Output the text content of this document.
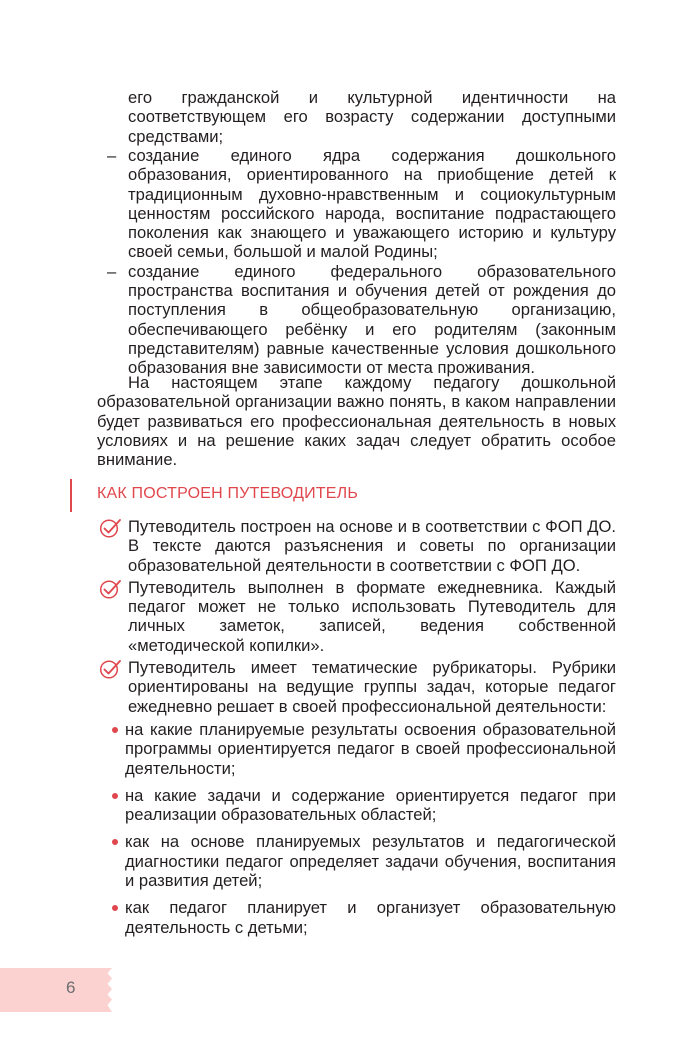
его гражданской и культурной идентичности на соответствующем его возрасту содержании доступными средствами;

– создание единого ядра содержания дошкольного образования, ориентированного на приобщение детей к традиционным духовно-нравственным и социокультурным ценностям российского народа, воспитание подрастающего поколения как знающего и уважающего историю и культуру своей семьи, большой и малой Родины;
– создание единого федерального образовательного пространства воспитания и обучения детей от рождения до поступления в общеобразовательную организацию, обеспечивающего ребёнку и его родителям (законным представителям) равные качественные условия дошкольного образования вне зависимости от места проживания.

На настоящем этапе каждому педагогу дошкольной образовательной организации важно понять, в каком направлении будет развиваться его профессиональная деятельность в новых условиях и на решение каких задач следует обратить особое внимание.

КАК ПОСТРОЕН ПУТЕВОДИТЕЛЬ
Путеводитель построен на основе и в соответствии с ФОП ДО. В тексте даются разъяснения и советы по организации образовательной деятельности в соответствии с ФОП ДО.
Путеводитель выполнен в формате ежедневника. Каждый педагог может не только использовать Путеводитель для личных заметок, записей, ведения собственной «методической копилки».
Путеводитель имеет тематические рубрикаторы. Рубрики ориентированы на ведущие группы задач, которые педагог ежедневно решает в своей профессиональной деятельности:
на какие планируемые результаты освоения образовательной программы ориентируется педагог в своей профессиональной деятельности;
на какие задачи и содержание ориентируется педагог при реализации образовательных областей;
как на основе планируемых результатов и педагогической диагностики педагог определяет задачи обучения, воспитания и развития детей;
как педагог планирует и организует образовательную деятельность с детьми;

6
